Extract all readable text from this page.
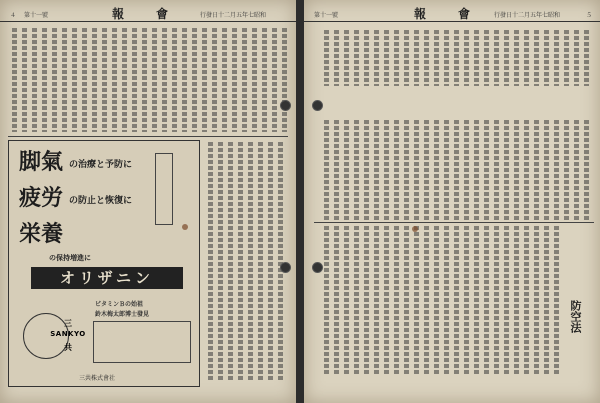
４ 第十一號	報　會	行發日十二月五年七昭和
脚氣 の治療と予防に
疲労 の防止と恢復に
栄養
の保持増進に
オリザニン
ビタミンＢの始祖
鈴木梅太郎博士發見
三
SANKYO
共
三共株式會社
第十一號	報　會 行發日十二月五年七昭和	５
防空法
